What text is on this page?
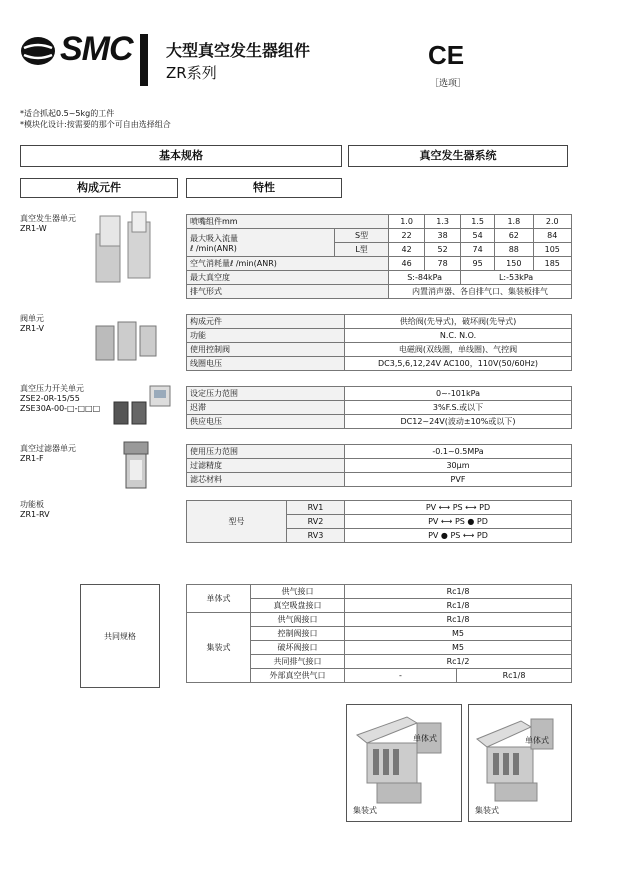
SMC 大型真空发生器组件
ZR系列
CE
［选项］
*适合抓起0.5~5kg的工件
*模块化设计:按需要的那个可自由选择组合
基本规格	真空发生器系统
构成元件	特性
真空发生器单元
ZR1-W
阀单元
ZR1-V
真空压力开关单元
ZSE2-0R-15/55
ZSE30A-00-□-□□□
真空过滤器单元
ZR1-F
功能板
ZR1-RV
喷嘴组件mm		1.0	1.3	1.5	1.8	2.0
最大吸入流量
ℓ /min(ANR)	S型	22	38	54	62	84
	L型	42	52	74	88	105
空气消耗量ℓ /min(ANR)		46	78	95	150	185
最大真空度		S:-84kPa		L:-53kPa		
排气形式		内置消声器、各自排气口、集装板排气				
构成元件	供给阀(先导式)，破坏阀(先导式)
功能	N.C. N.O.
使用控制阀	电磁阀(双线圈，单线圈)、气控阀
线圈电压	DC3,5,6,12,24V AC100，110V(50/60Hz)
设定压力范围	0~-101kPa
迟滞	3%F.S.或以下
供应电压	DC12~24V(波动±10%或以下)
使用压力范围	-0.1~0.5MPa
过滤精度	30μm
滤芯材料	PVF
型号	RV1	PV ⟷ PS ⟷ PD
	RV2	PV ⟷ PS ● PD
	RV3	PV ● PS ⟷ PD
共同规格
单体式	供气接口	Rc1/8	
	真空吸盘接口	Rc1/8	
集装式	供气阀接口	Rc1/8	
	控制阀接口	M5	
	破坏阀接口	M5	
	共同排气接口	Rc1/2	
	外部真空供气口	-	Rc1/8
单体式
集装式
单体式
集装式
